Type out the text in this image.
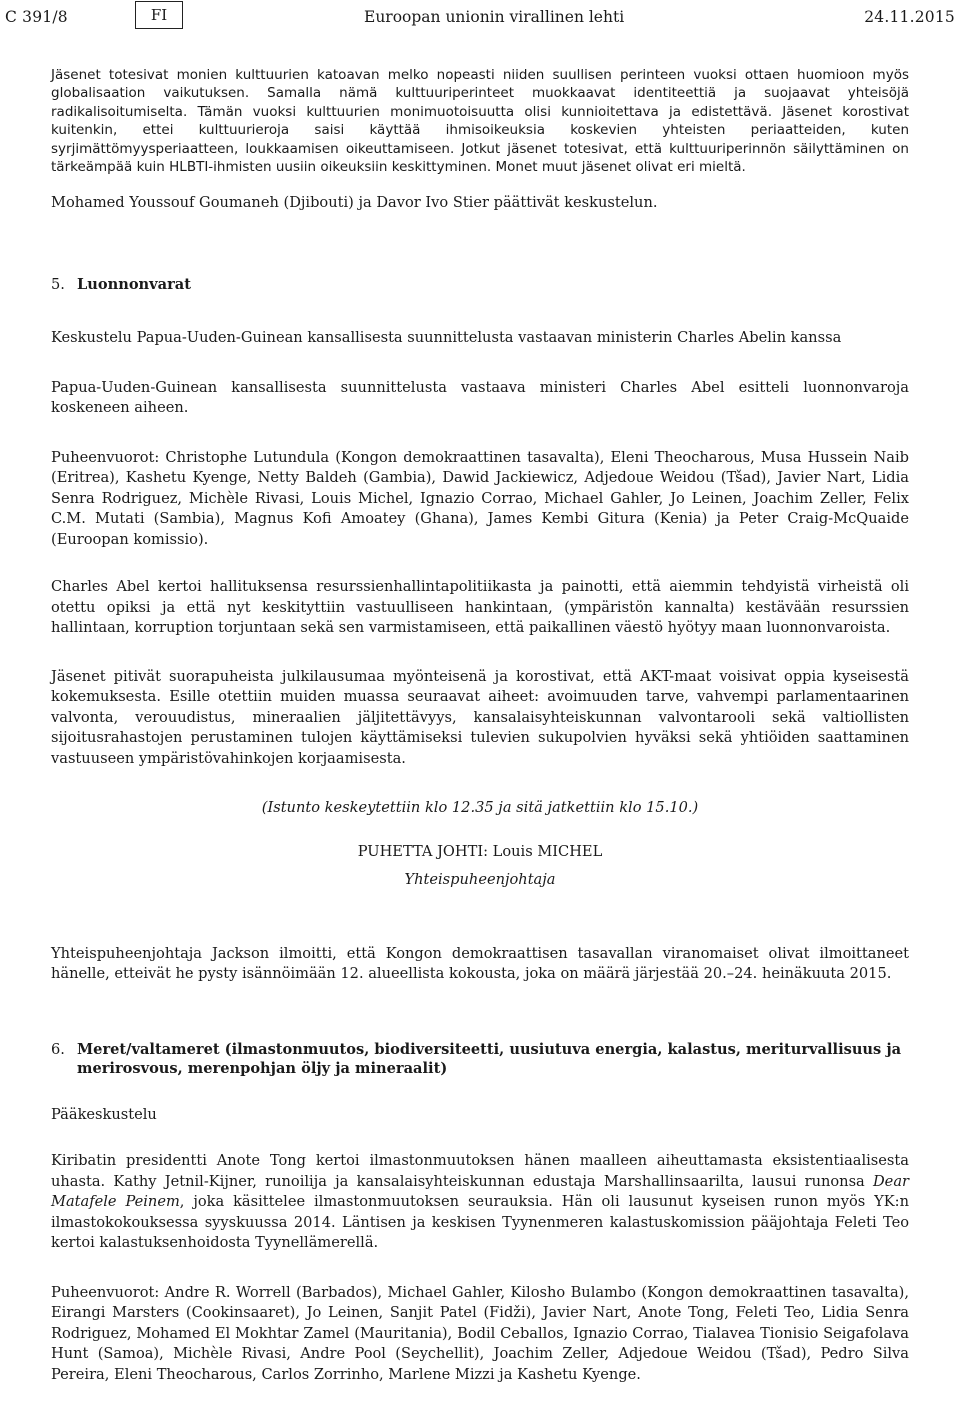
C 391/8	FI	Euroopan unionin virallinen lehti	24.11.2015

Jäsenet totesivat monien kulttuurien katoavan melko nopeasti niiden suullisen perinteen vuoksi ottaen huomioon myös globalisaation vaikutuksen. Samalla nämä kulttuuriperinteet muokkaavat identiteettiä ja suojaavat yhteisöjä radikalisoitumiselta. Tämän vuoksi kulttuurien monimuotoisuutta olisi kunnioitettava ja edistettävä. Jäsenet korostivat kuitenkin, ettei kulttuurieroja saisi käyttää ihmisoikeuksia koskevien yhteisten periaatteiden, kuten syrjimättömyysperiaatteen, loukkaamisen oikeuttamiseen. Jotkut jäsenet totesivat, että kulttuuriperinnön säilyttäminen on tärkeämpää kuin HLBTI-ihmisten uusiin oikeuksiin keskittyminen. Monet muut jäsenet olivat eri mieltä.

Mohamed Youssouf Goumaneh (Djibouti) ja Davor Ivo Stier päättivät keskustelun.

5. Luonnonvarat

Keskustelu Papua-Uuden-Guinean kansallisesta suunnittelusta vastaavan ministerin Charles Abelin kanssa

Papua-Uuden-Guinean kansallisesta suunnittelusta vastaava ministeri Charles Abel esitteli luonnonvaroja koskeneen aiheen.

Puheenvuorot: Christophe Lutundula (Kongon demokraattinen tasavalta), Eleni Theocharous, Musa Hussein Naib (Eritrea), Kashetu Kyenge, Netty Baldeh (Gambia), Dawid Jackiewicz, Adjedoue Weidou (Tšad), Javier Nart, Lidia Senra Rodriguez, Michèle Rivasi, Louis Michel, Ignazio Corrao, Michael Gahler, Jo Leinen, Joachim Zeller, Felix C.M. Mutati (Sambia), Magnus Kofi Amoatey (Ghana), James Kembi Gitura (Kenia) ja Peter Craig-McQuaide (Euroopan komissio).

Charles Abel kertoi hallituksensa resurssienhallintapolitiikasta ja painotti, että aiemmin tehdyistä virheistä oli otettu opiksi ja että nyt keskityttiin vastuulliseen hankintaan, (ympäristön kannalta) kestävään resurssien hallintaan, korruption torjuntaan sekä sen varmistamiseen, että paikallinen väestö hyötyy maan luonnonvaroista.

Jäsenet pitivät suorapuheista julkilausumaa myönteisenä ja korostivat, että AKT-maat voisivat oppia kyseisestä kokemuksesta. Esille otettiin muiden muassa seuraavat aiheet: avoimuuden tarve, vahvempi parlamentaarinen valvonta, verouudistus, mineraalien jäljitettävyys, kansalaisyhteiskunnan valvontarooli sekä valtiollisten sijoitusrahastojen perustaminen tulojen käyttämiseksi tulevien sukupolvien hyväksi sekä yhtiöiden saattaminen vastuuseen ympäristövahinkojen korjaamisesta.

(Istunto keskeytettiin klo 12.35 ja sitä jatkettiin klo 15.10.)

PUHETTA JOHTI: Louis MICHEL

Yhteispuheenjohtaja

Yhteispuheenjohtaja Jackson ilmoitti, että Kongon demokraattisen tasavallan viranomaiset olivat ilmoittaneet hänelle, etteivät he pysty isännöimään 12. alueellista kokousta, joka on määrä järjestää 20.–24. heinäkuuta 2015.

6. Meret/valtameret (ilmastonmuutos, biodiversiteetti, uusiutuva energia, kalastus, meriturvallisuus ja merirosvous, merenpohjan öljy ja mineraalit)

Pääkeskustelu

Kiribatin presidentti Anote Tong kertoi ilmastonmuutoksen hänen maalleen aiheuttamasta eksistentiaalisesta uhasta. Kathy Jetnil-Kijner, runoilija ja kansalaisyhteiskunnan edustaja Marshallinsaarilta, lausui runonsa Dear Matafele Peinem, joka käsittelee ilmastonmuutoksen seurauksia. Hän oli lausunut kyseisen runon myös YK:n ilmastokokouksessa syyskuussa 2014. Läntisen ja keskisen Tyynenmeren kalastuskomission pääjohtaja Feleti Teo kertoi kalastuksenhoidosta Tyynellämerellä.

Puheenvuorot: Andre R. Worrell (Barbados), Michael Gahler, Kilosho Bulambo (Kongon demokraattinen tasavalta), Eirangi Marsters (Cookinsaaret), Jo Leinen, Sanjit Patel (Fidži), Javier Nart, Anote Tong, Feleti Teo, Lidia Senra Rodriguez, Mohamed El Mokhtar Zamel (Mauritania), Bodil Ceballos, Ignazio Corrao, Tialavea Tionisio Seigafolava Hunt (Samoa), Michèle Rivasi, Andre Pool (Seychellit), Joachim Zeller, Adjedoue Weidou (Tšad), Pedro Silva Pereira, Eleni Theocharous, Carlos Zorrinho, Marlene Mizzi ja Kashetu Kyenge.
